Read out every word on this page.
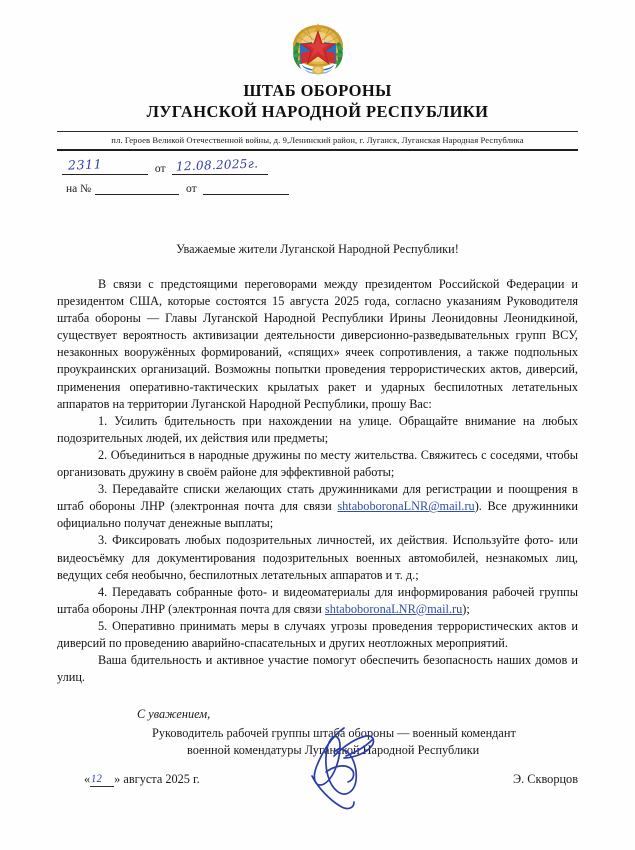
ШТАБ ОБОРОНЫ
ЛУГАНСКОЙ НАРОДНОЙ РЕСПУБЛИКИ
пл. Героев Великой Отечественной войны, д. 9,Ленинский район, г. Луганск, Луганская Народная Республика
2311	от 12.08.2025г.
на №	от
Уважаемые жители Луганской Народной Республики!

В связи с предстоящими переговорами между президентом Российской Федерации и президентом США, которые состоятся 15 августа 2025 года, согласно указаниям Руководителя штаба обороны — Главы Луганской Народной Республики Ирины Леонидовны Леонидкиной, существует вероятность активизации деятельности диверсионно-разведывательных групп ВСУ, незаконных вооружённых формирований, «спящих» ячеек сопротивления, а также подпольных проукраинских организаций. Возможны попытки проведения террористических актов, диверсий, применения оперативно-тактических крылатых ракет и ударных беспилотных летательных аппаратов на территории Луганской Народной Республики, прошу Вас:

1. Усилить бдительность при нахождении на улице. Обращайте внимание на любых подозрительных людей, их действия или предметы;

2. Объединиться в народные дружины по месту жительства. Свяжитесь с соседями, чтобы организовать дружину в своём районе для эффективной работы;

3. Передавайте списки желающих стать дружинниками для регистрации и поощрения в штаб обороны ЛНР (электронная почта для связи shtaboboronaLNR@mail.ru). Все дружинники официально получат денежные выплаты;

3. Фиксировать любых подозрительных личностей, их действия. Используйте фото- или видеосъёмку для документирования подозрительных военных автомобилей, незнакомых лиц, ведущих себя необычно, беспилотных летательных аппаратов и т. д.;

4. Передавать собранные фото- и видеоматериалы для информирования рабочей группы штаба обороны ЛНР (электронная почта для связи shtaboboronaLNR@mail.ru);

5. Оперативно принимать меры в случаях угрозы проведения террористических актов и диверсий по проведению аварийно-спасательных и других неотложных мероприятий.

Ваша бдительность и активное участие помогут обеспечить безопасность наших домов и улиц.

С уважением,
Руководитель рабочей группы штаба обороны — военный комендант
военной комендатуры Луганской Народной Республики
« 12 » августа 2025 г.	Э. Скворцов
